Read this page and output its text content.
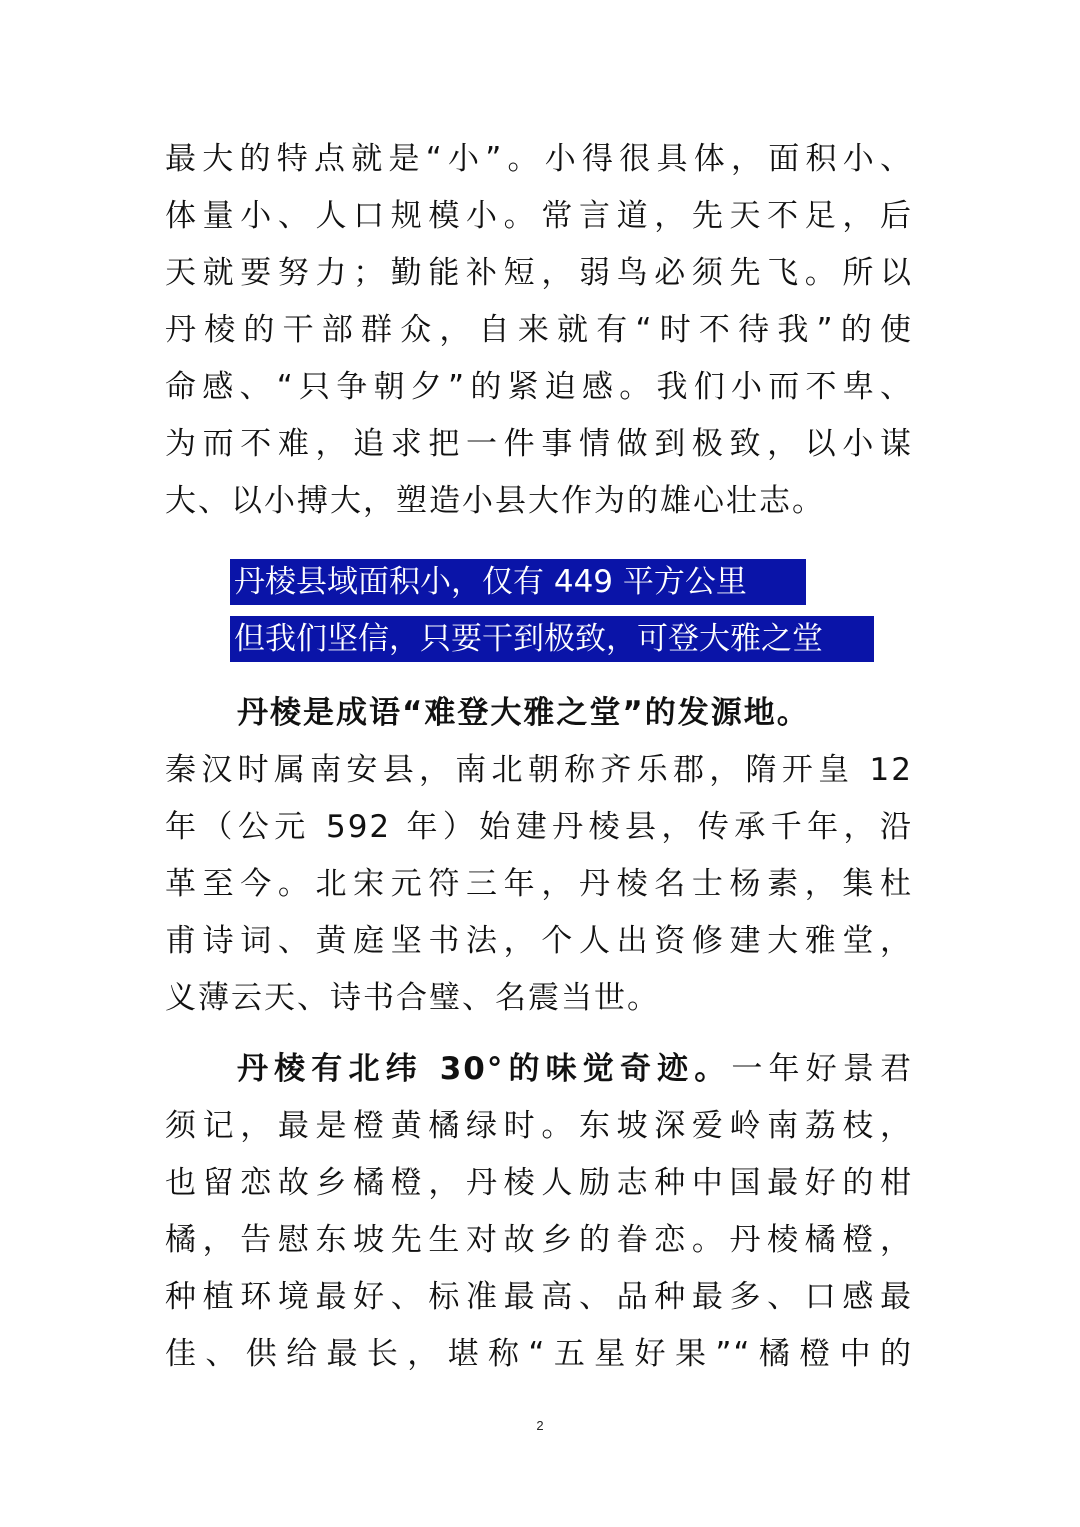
最大的特点就是“小”。小得很具体，面积小、
体量小、人口规模小。常言道，先天不足，后
天就要努力；勤能补短，弱鸟必须先飞。所以
丹棱的干部群众，自来就有“时不待我”的使
命感、“只争朝夕”的紧迫感。我们小而不卑、
为而不难，追求把一件事情做到极致，以小谋
大、以小搏大，塑造小县大作为的雄心壮志。
丹棱县域面积小，仅有 449 平方公里
但我们坚信，只要干到极致，可登大雅之堂
丹棱是成语“难登大雅之堂”的发源地。
秦汉时属南安县，南北朝称齐乐郡，隋开皇 12
年（公元 592 年）始建丹棱县，传承千年，沿
革至今。北宋元符三年，丹棱名士杨素，集杜
甫诗词、黄庭坚书法，个人出资修建大雅堂，
义薄云天、诗书合璧、名震当世。
丹棱有北纬 30°的味觉奇迹。一年好景君
须记，最是橙黄橘绿时。东坡深爱岭南荔枝，
也留恋故乡橘橙，丹棱人励志种中国最好的柑
橘，告慰东坡先生对故乡的眷恋。丹棱橘橙，
种植环境最好、标准最高、品种最多、口感最
佳、供给最长，堪称“五星好果”“橘橙中的
2
